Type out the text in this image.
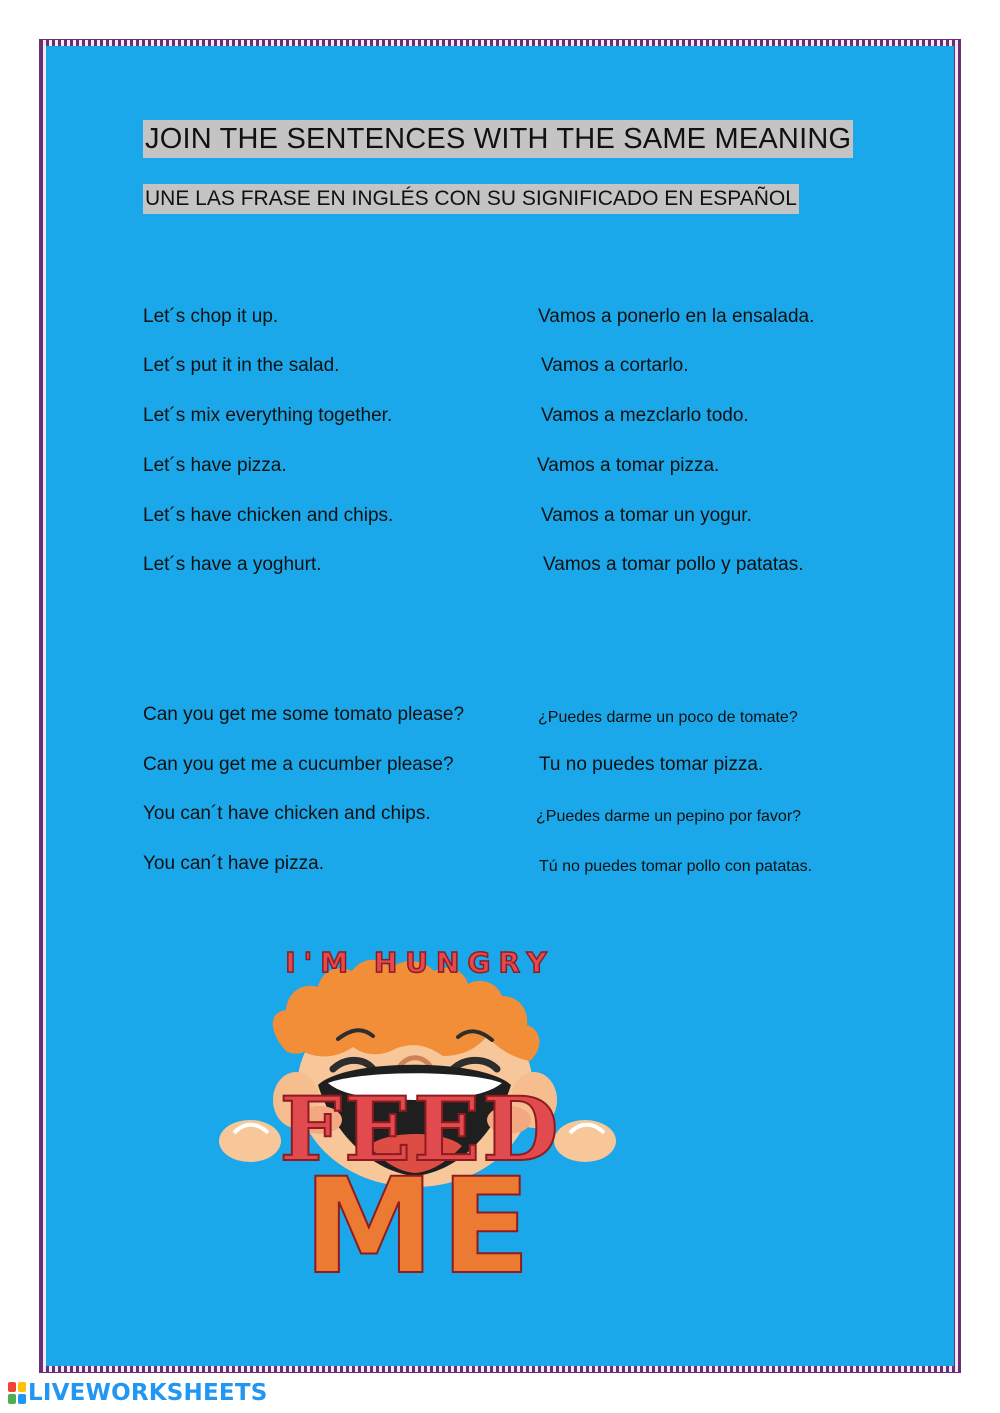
JOIN THE SENTENCES WITH THE SAME MEANING
UNE LAS FRASE EN INGLÉS CON SU SIGNIFICADO EN ESPAÑOL
Let´s chop it up.
Let´s put it in the salad.
Let´s mix everything together.
Let´s have pizza.
Let´s have chicken and chips.
Let´s have a yoghurt.
Vamos a ponerlo en la ensalada.
Vamos a cortarlo.
Vamos a mezclarlo todo.
Vamos a tomar pizza.
Vamos a tomar un yogur.
Vamos a tomar pollo y patatas.
Can you get me some tomato please?
Can you get me a cucumber please?
You can´t have chicken and chips.
You can´t have pizza.
¿Puedes darme un poco de tomate?
Tu no puedes tomar pizza.
¿Puedes darme un pepino por favor?
Tú no puedes tomar pollo con patatas.
I'M HUNGRY
FEED
ME
LIVEWORKSHEETS
